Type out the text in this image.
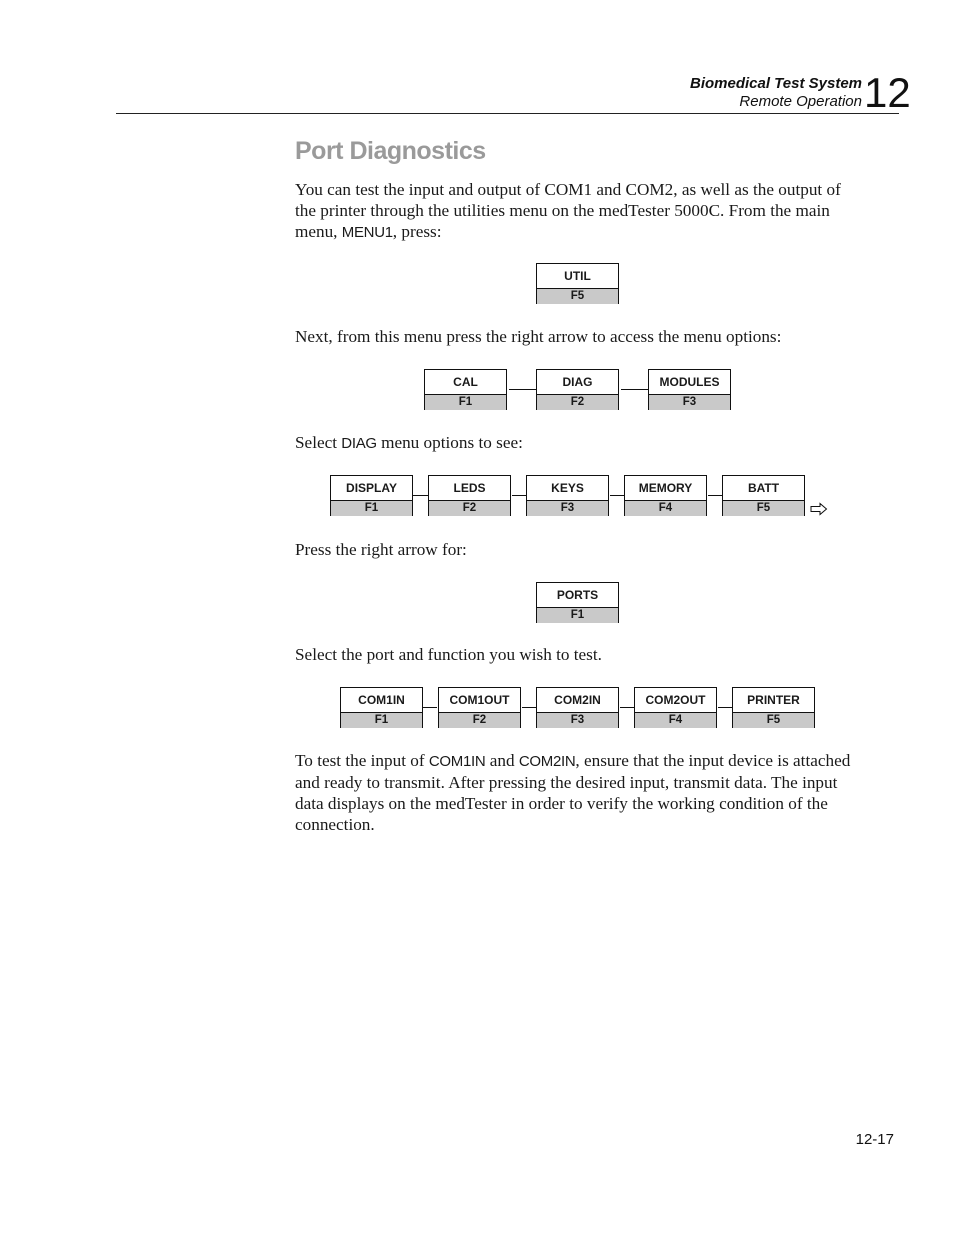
Biomedical Test System
Remote Operation 12
Port Diagnostics

You can test the input and output of COM1 and COM2, as well as the output of the printer through the utilities menu on the medTester 5000C. From the main menu, MENU1, press:

UTIL
F5

Next, from this menu press the right arrow to access the menu options:

CAL
F1
DIAG
F2
MODULES
F3

Select DIAG menu options to see:

DISPLAY
F1
LEDS
F2
KEYS
F3
MEMORY
F4
BATT
F5

Press the right arrow for:

PORTS
F1

Select the port and function you wish to test.

COM1IN
F1
COM1OUT
F2
COM2IN
F3
COM2OUT
F4
PRINTER
F5

To test the input of COM1IN and COM2IN, ensure that the input device is attached and ready to transmit. After pressing the desired input, transmit data. The input data displays on the medTester in order to verify the working condition of the connection.

12-17
